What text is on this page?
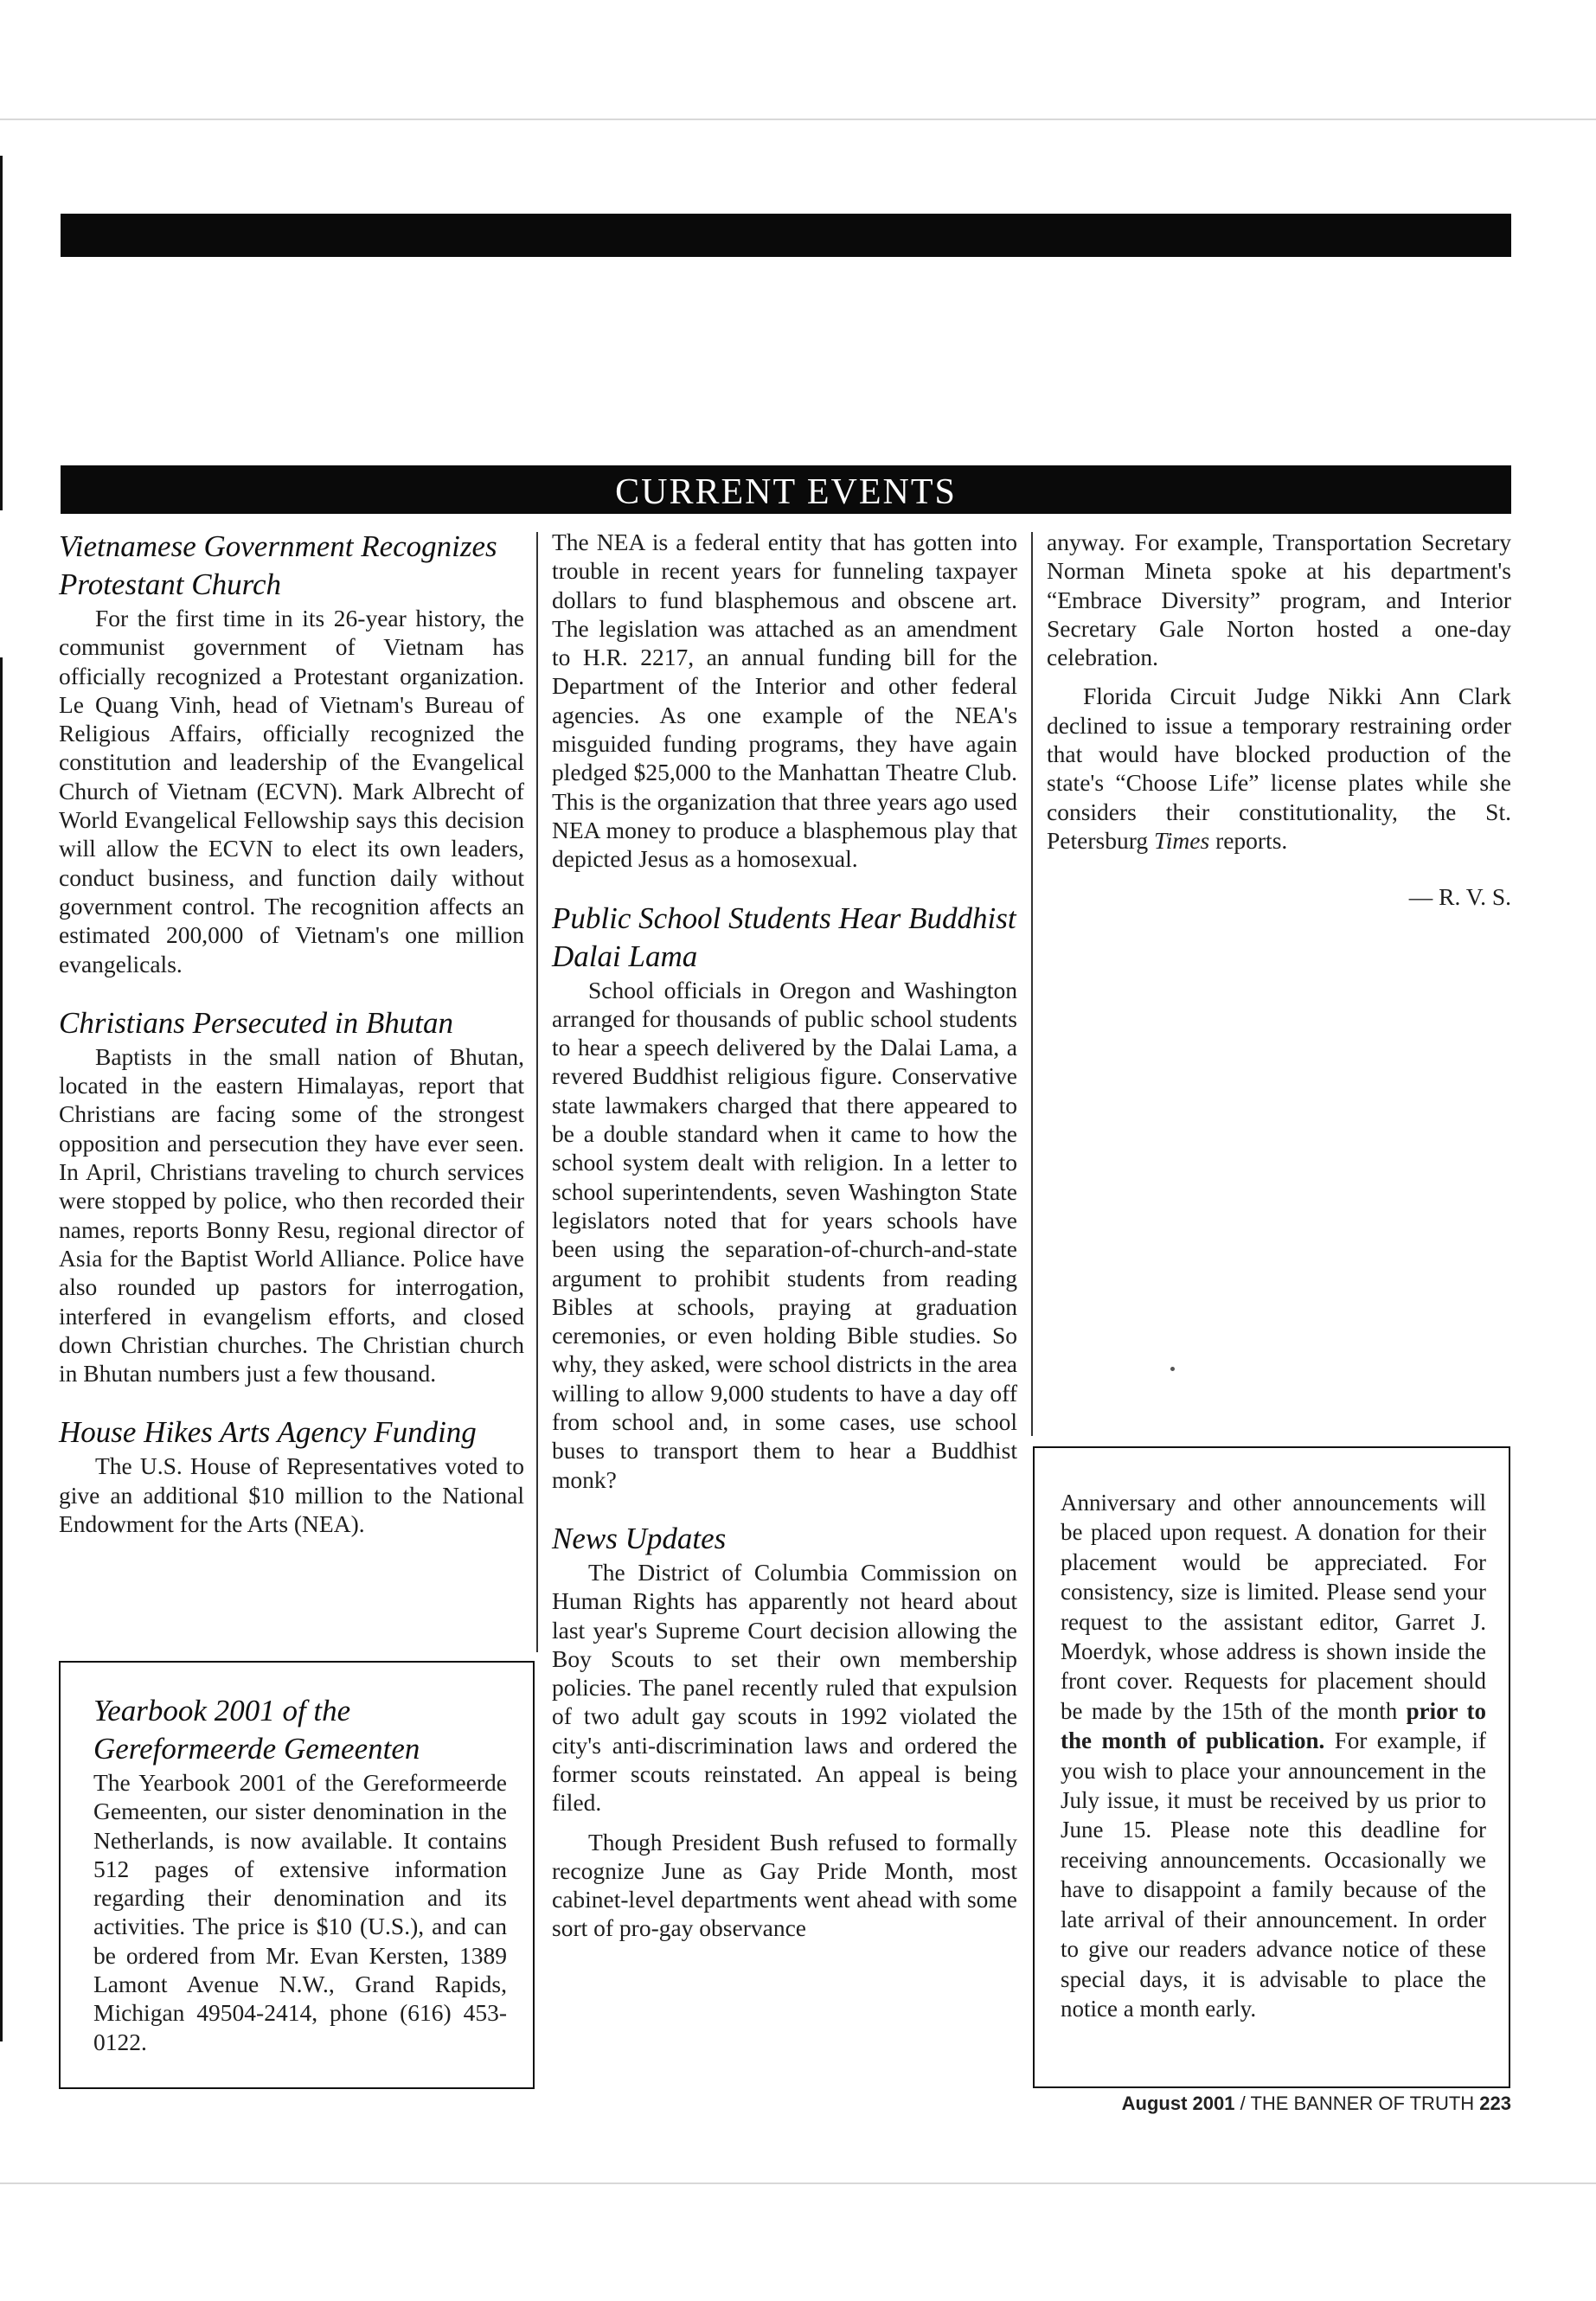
CURRENT EVENTS
Vietnamese Government Recognizes Protestant Church

For the first time in its 26-year history, the communist government of Vietnam has officially recognized a Protestant organization. Le Quang Vinh, head of Vietnam's Bureau of Religious Affairs, officially recognized the constitution and leadership of the Evangelical Church of Vietnam (ECVN). Mark Albrecht of World Evangelical Fellowship says this decision will allow the ECVN to elect its own leaders, conduct business, and function daily without government control. The recognition affects an estimated 200,000 of Vietnam's one million evangelicals.

Christians Persecuted in Bhutan

Baptists in the small nation of Bhutan, located in the eastern Himalayas, report that Christians are facing some of the strongest opposition and persecution they have ever seen. In April, Christians traveling to church services were stopped by police, who then recorded their names, reports Bonny Resu, regional director of Asia for the Baptist World Alliance. Police have also rounded up pastors for interrogation, interfered in evangelism efforts, and closed down Christian churches. The Christian church in Bhutan numbers just a few thousand.

House Hikes Arts Agency Funding

The U.S. House of Representatives voted to give an additional $10 million to the National Endowment for the Arts (NEA).

Yearbook 2001 of the Gereformeerde Gemeenten

The Yearbook 2001 of the Gereformeerde Gemeenten, our sister denomination in the Netherlands, is now available. It contains 512 pages of extensive information regarding their denomination and its activities. The price is $10 (U.S.), and can be ordered from Mr. Evan Kersten, 1389 Lamont Avenue N.W., Grand Rapids, Michigan 49504-2414, phone (616) 453-0122.

The NEA is a federal entity that has gotten into trouble in recent years for funneling taxpayer dollars to fund blasphemous and obscene art. The legislation was attached as an amendment to H.R. 2217, an annual funding bill for the Department of the Interior and other federal agencies. As one example of the NEA's misguided funding programs, they have again pledged $25,000 to the Manhattan Theatre Club. This is the organization that three years ago used NEA money to produce a blasphemous play that depicted Jesus as a homosexual.

Public School Students Hear Buddhist Dalai Lama

School officials in Oregon and Washington arranged for thousands of public school students to hear a speech delivered by the Dalai Lama, a revered Buddhist religious figure. Conservative state lawmakers charged that there appeared to be a double standard when it came to how the school system dealt with religion. In a letter to school superintendents, seven Washington State legislators noted that for years schools have been using the separation-of-church-and-state argument to prohibit students from reading Bibles at schools, praying at graduation ceremonies, or even holding Bible studies. So why, they asked, were school districts in the area willing to allow 9,000 students to have a day off from school and, in some cases, use school buses to transport them to hear a Buddhist monk?

News Updates

The District of Columbia Commission on Human Rights has apparently not heard about last year's Supreme Court decision allowing the Boy Scouts to set their own membership policies. The panel recently ruled that expulsion of two adult gay scouts in 1992 violated the city's anti-discrimination laws and ordered the former scouts reinstated. An appeal is being filed.

Though President Bush refused to formally recognize June as Gay Pride Month, most cabinet-level departments went ahead with some sort of pro-gay observance

anyway. For example, Transportation Secretary Norman Mineta spoke at his department's “Embrace Diversity” program, and Interior Secretary Gale Norton hosted a one-day celebration.

Florida Circuit Judge Nikki Ann Clark declined to issue a temporary restraining order that would have blocked production of the state's “Choose Life” license plates while she considers their constitutionality, the St. Petersburg Times reports.

— R. V. S.

Anniversary and other announcements will be placed upon request. A donation for their placement would be appreciated. For consistency, size is limited. Please send your request to the assistant editor, Garret J. Moerdyk, whose address is shown inside the front cover. Requests for placement should be made by the 15th of the month prior to the month of publication. For example, if you wish to place your announcement in the July issue, it must be received by us prior to June 15. Please note this deadline for receiving announcements. Occasionally we have to disappoint a family because of the late arrival of their announcement. In order to give our readers advance notice of these special days, it is advisable to place the notice a month early.

August 2001 / THE BANNER OF TRUTH 223
